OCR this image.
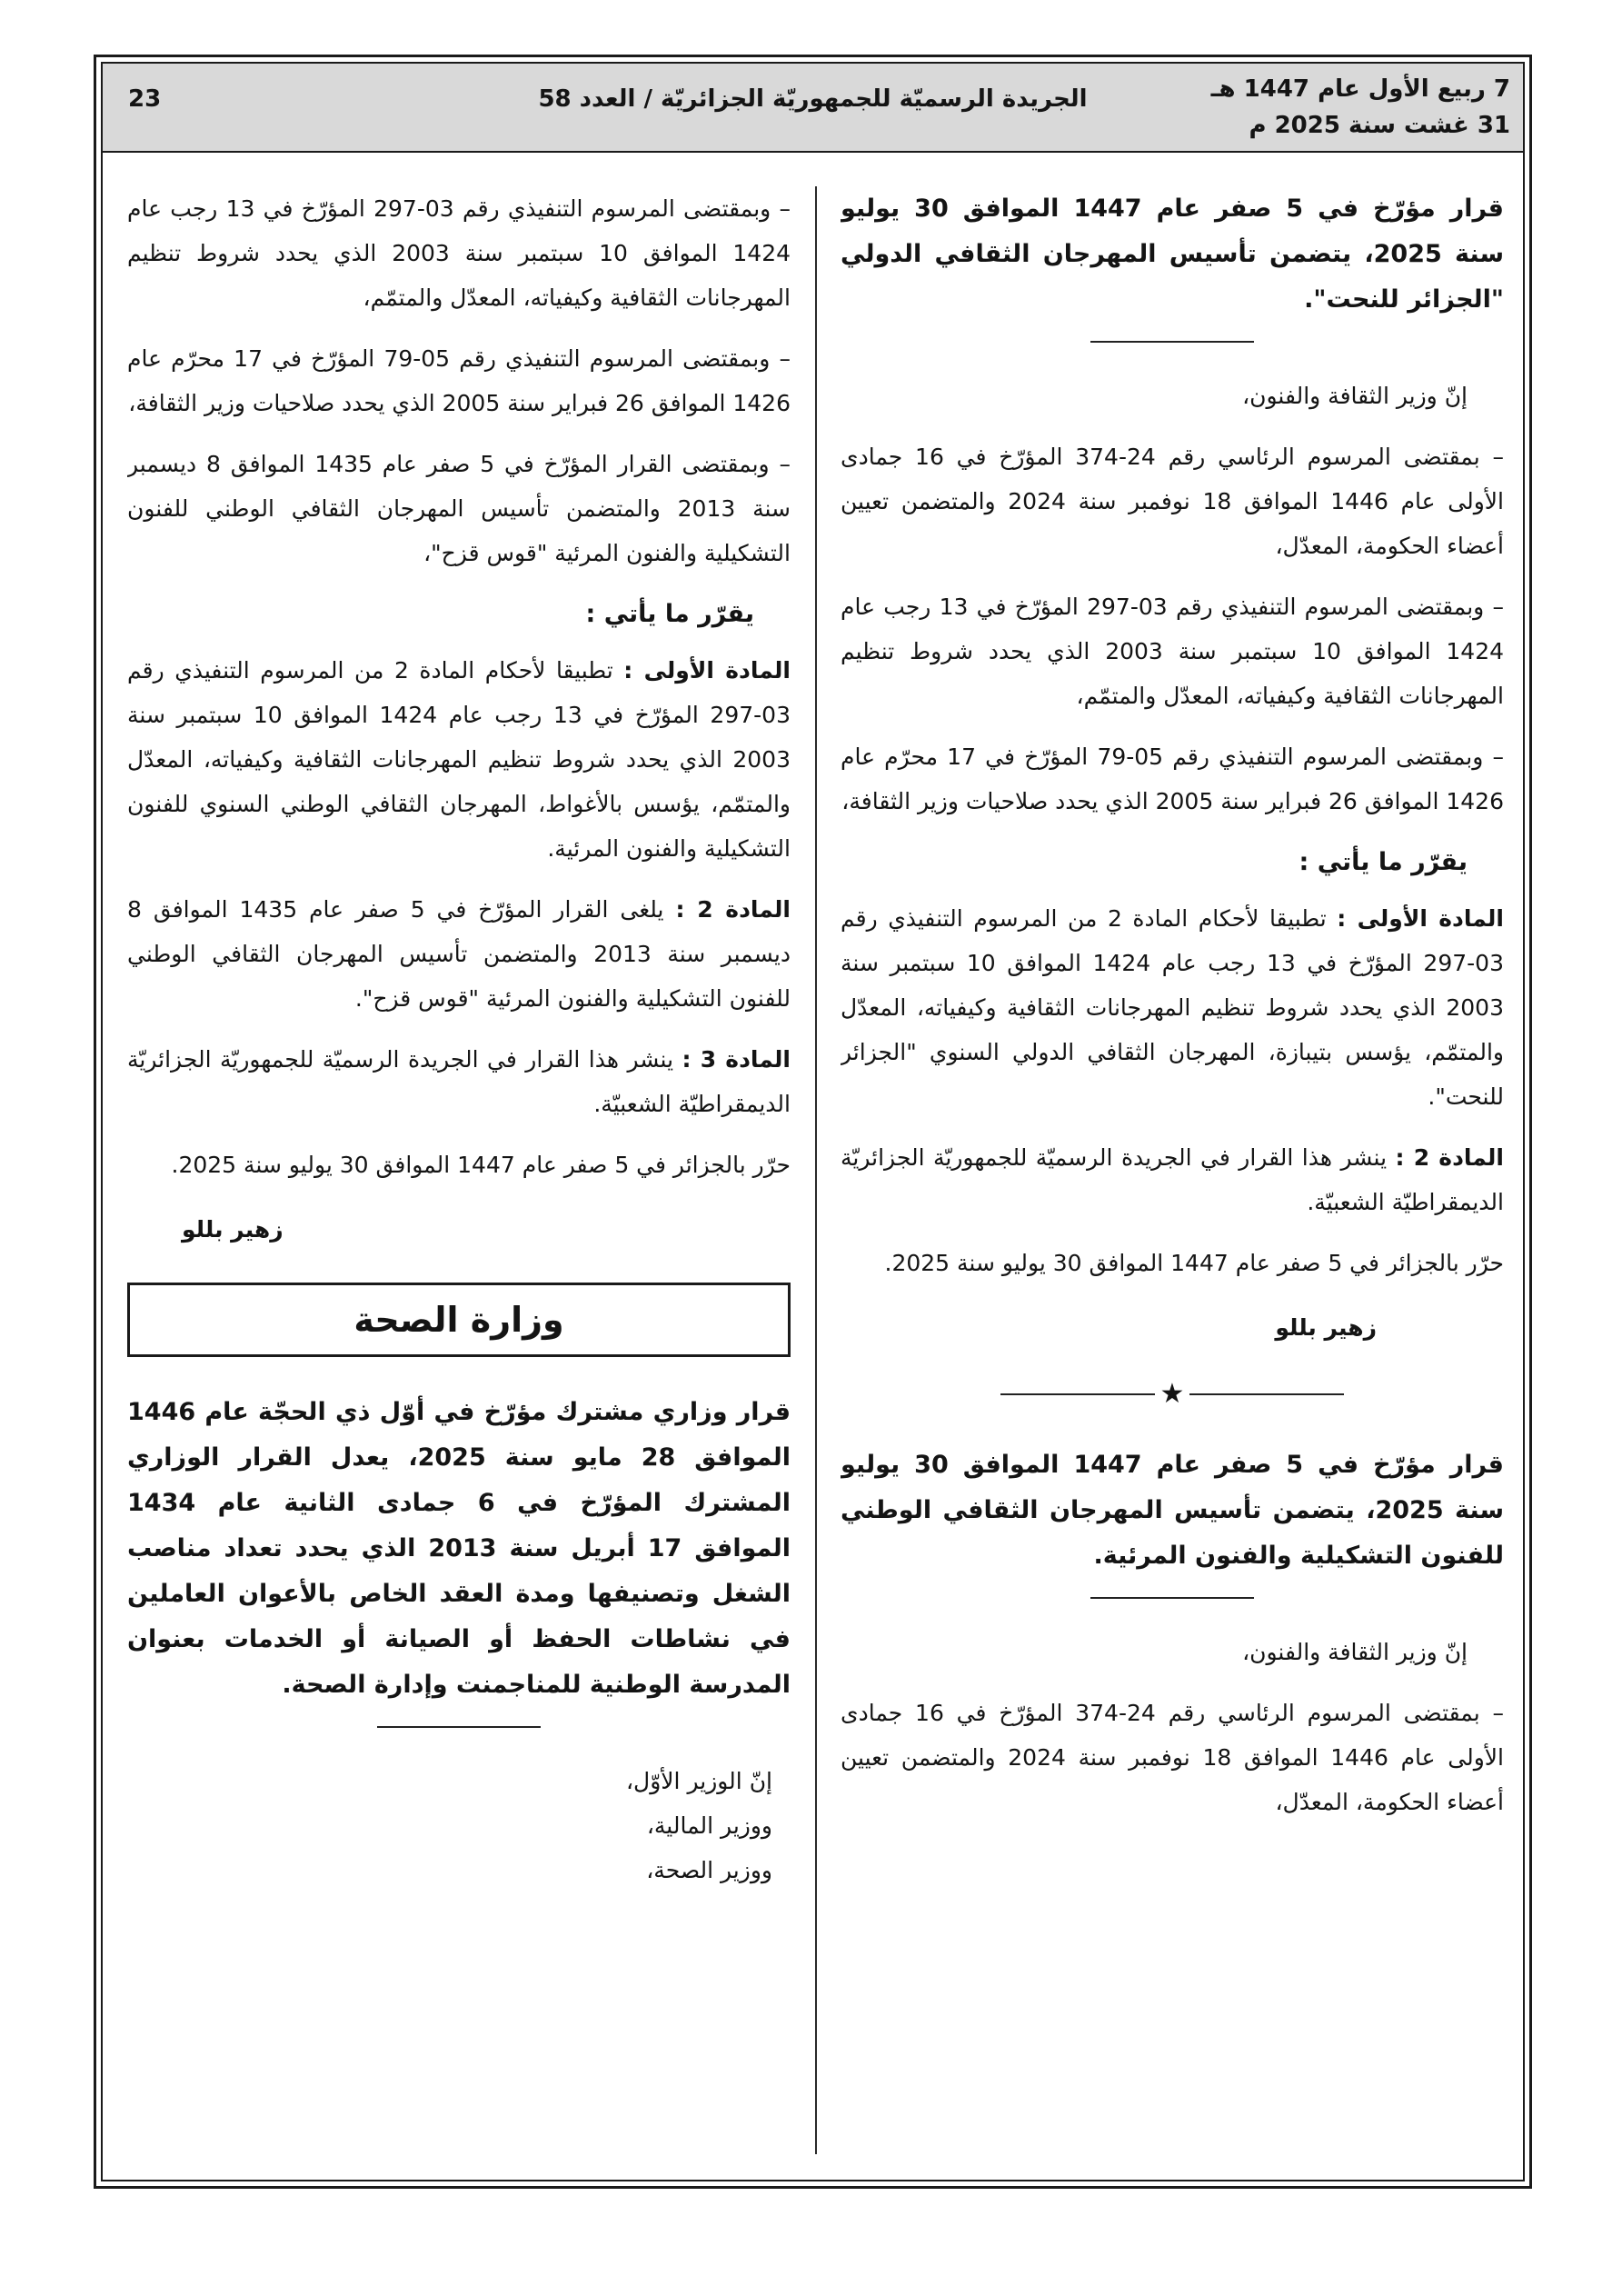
7 ربيع الأول عام 1447 هـ
31 غشت سنة 2025 م
الجريدة الرسميّة للجمهوريّة الجزائريّة / العدد 58
23
قرار مؤرّخ في 5 صفر عام 1447 الموافق 30 يوليو سنة 2025، يتضمن تأسيس المهرجان الثقافي الدولي "الجزائر للنحت".
إنّ وزير الثقافة والفنون،

– بمقتضى المرسوم الرئاسي رقم 24-374 المؤرّخ في 16 جمادى الأولى عام 1446 الموافق 18 نوفمبر سنة 2024 والمتضمن تعيين أعضاء الحكومة، المعدّل،

– وبمقتضى المرسوم التنفيذي رقم 03-297 المؤرّخ في 13 رجب عام 1424 الموافق 10 سبتمبر سنة 2003 الذي يحدد شروط تنظيم المهرجانات الثقافية وكيفياته، المعدّل والمتمّم،

– وبمقتضى المرسوم التنفيذي رقم 05-79 المؤرّخ في 17 محرّم عام 1426 الموافق 26 فبراير سنة 2005 الذي يحدد صلاحيات وزير الثقافة،

يقرّر ما يأتي :

المادة الأولى : تطبيقا لأحكام المادة 2 من المرسوم التنفيذي رقم 03-297 المؤرّخ في 13 رجب عام 1424 الموافق 10 سبتمبر سنة 2003 الذي يحدد شروط تنظيم المهرجانات الثقافية وكيفياته، المعدّل والمتمّم، يؤسس بتيبازة، المهرجان الثقافي الدولي السنوي "الجزائر للنحت".

المادة 2 : ينشر هذا القرار في الجريدة الرسميّة للجمهوريّة الجزائريّة الديمقراطيّة الشعبيّة.

حرّر بالجزائر في 5 صفر عام 1447 الموافق 30 يوليو سنة 2025.

زهير بللو
★
قرار مؤرّخ في 5 صفر عام 1447 الموافق 30 يوليو سنة 2025، يتضمن تأسيس المهرجان الثقافي الوطني للفنون التشكيلية والفنون المرئية.
إنّ وزير الثقافة والفنون،

– بمقتضى المرسوم الرئاسي رقم 24-374 المؤرّخ في 16 جمادى الأولى عام 1446 الموافق 18 نوفمبر سنة 2024 والمتضمن تعيين أعضاء الحكومة، المعدّل،

– وبمقتضى المرسوم التنفيذي رقم 03-297 المؤرّخ في 13 رجب عام 1424 الموافق 10 سبتمبر سنة 2003 الذي يحدد شروط تنظيم المهرجانات الثقافية وكيفياته، المعدّل والمتمّم،

– وبمقتضى المرسوم التنفيذي رقم 05-79 المؤرّخ في 17 محرّم عام 1426 الموافق 26 فبراير سنة 2005 الذي يحدد صلاحيات وزير الثقافة،

– وبمقتضى القرار المؤرّخ في 5 صفر عام 1435 الموافق 8 ديسمبر سنة 2013 والمتضمن تأسيس المهرجان الثقافي الوطني للفنون التشكيلية والفنون المرئية "قوس قزح"،

يقرّر ما يأتي :

المادة الأولى : تطبيقا لأحكام المادة 2 من المرسوم التنفيذي رقم 03-297 المؤرّخ في 13 رجب عام 1424 الموافق 10 سبتمبر سنة 2003 الذي يحدد شروط تنظيم المهرجانات الثقافية وكيفياته، المعدّل والمتمّم، يؤسس بالأغواط، المهرجان الثقافي الوطني السنوي للفنون التشكيلية والفنون المرئية.

المادة 2 : يلغى القرار المؤرّخ في 5 صفر عام 1435 الموافق 8 ديسمبر سنة 2013 والمتضمن تأسيس المهرجان الثقافي الوطني للفنون التشكيلية والفنون المرئية "قوس قزح".

المادة 3 : ينشر هذا القرار في الجريدة الرسميّة للجمهوريّة الجزائريّة الديمقراطيّة الشعبيّة.

حرّر بالجزائر في 5 صفر عام 1447 الموافق 30 يوليو سنة 2025.

زهير بللو
وزارة الصحة
قرار وزاري مشترك مؤرّخ في أوّل ذي الحجّة عام 1446 الموافق 28 مايو سنة 2025، يعدل القرار الوزاري المشترك المؤرّخ في 6 جمادى الثانية عام 1434 الموافق 17 أبريل سنة 2013 الذي يحدد تعداد مناصب الشغل وتصنيفها ومدة العقد الخاص بالأعوان العاملين في نشاطات الحفظ أو الصيانة أو الخدمات بعنوان المدرسة الوطنية للمناجمنت وإدارة الصحة.
إنّ الوزير الأوّل،
ووزير المالية،
ووزير الصحة،
